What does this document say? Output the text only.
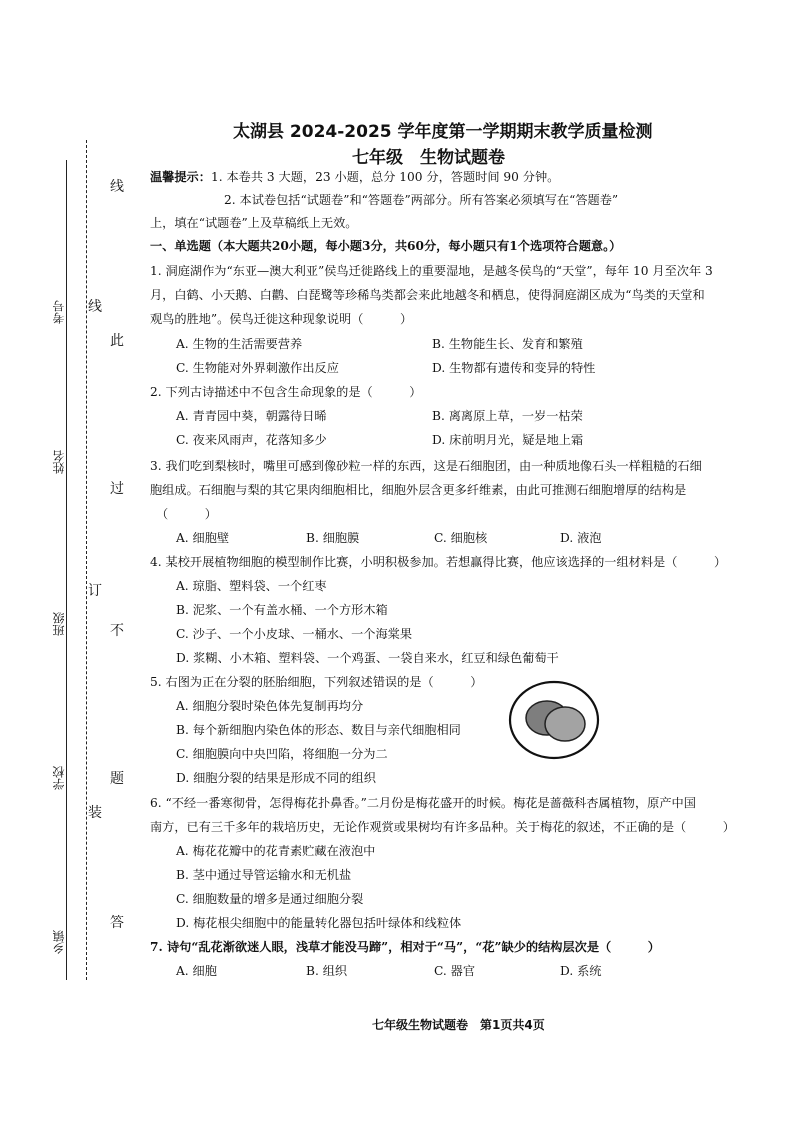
考号
姓名
班级
学校
乡镇
线
订
装
线
此
过
不
题
答
太湖县 2024-2025 学年度第一学期期末教学质量检测
七年级　生物试题卷
温馨提示：1. 本卷共 3 大题，23 小题，总分 100 分，答题时间 90 分钟。
2. 本试卷包括“试题卷”和“答题卷”两部分。所有答案必须填写在“答题卷”
上，填在“试题卷”上及草稿纸上无效。
一、单选题（本大题共20小题，每小题3分，共60分，每小题只有1个选项符合题意。）
1. 洞庭湖作为“东亚—澳大利亚”侯鸟迁徙路线上的重要湿地，是越冬侯鸟的“天堂”，每年 10 月至次年 3
月，白鹤、小天鹅、白鹳、白琵鹭等珍稀鸟类都会来此地越冬和栖息，使得洞庭湖区成为“鸟类的天堂和
观鸟的胜地”。侯鸟迁徙这种现象说明（　　　）
A. 生物的生活需要营养	B. 生物能生长、发育和繁殖
C. 生物能对外界刺激作出反应	D. 生物都有遗传和变异的特性
2. 下列古诗描述中不包含生命现象的是（　　　）
A. 青青园中葵，朝露待日晞	B. 离离原上草，一岁一枯荣
C. 夜来风雨声，花落知多少	D. 床前明月光，疑是地上霜
3. 我们吃到梨核时，嘴里可感到像砂粒一样的东西，这是石细胞团，由一种质地像石头一样粗糙的石细
胞组成。石细胞与梨的其它果肉细胞相比，细胞外层含更多纤维素，由此可推测石细胞增厚的结构是
（　　　）
A. 细胞壁	B. 细胞膜	C. 细胞核	D. 液泡
4. 某校开展植物细胞的模型制作比赛，小明积极参加。若想赢得比赛，他应该选择的一组材料是（　　　）
A. 琼脂、塑料袋、一个红枣
B. 泥浆、一个有盖水桶、一个方形木箱
C. 沙子、一个小皮球、一桶水、一个海棠果
D. 浆糊、小木箱、塑料袋、一个鸡蛋、一袋自来水，红豆和绿色葡萄干
5. 右图为正在分裂的胚胎细胞，下列叙述错误的是（　　　）
A. 细胞分裂时染色体先复制再均分
B. 每个新细胞内染色体的形态、数目与亲代细胞相同
C. 细胞膜向中央凹陷，将细胞一分为二
D. 细胞分裂的结果是形成不同的组织
6. “不经一番寒彻骨，怎得梅花扑鼻香。”二月份是梅花盛开的时候。梅花是蔷薇科杏属植物，原产中国
南方，已有三千多年的栽培历史，无论作观赏或果树均有许多品种。关于梅花的叙述，不正确的是（　　　）
A. 梅花花瓣中的花青素贮藏在液泡中
B. 茎中通过导管运输水和无机盐
C. 细胞数量的增多是通过细胞分裂
D. 梅花根尖细胞中的能量转化器包括叶绿体和线粒体
7. 诗句“乱花渐欲迷人眼，浅草才能没马蹄”，相对于“马”，“花”缺少的结构层次是（　　　）
A. 细胞	B. 组织	C. 器官	D. 系统
七年级生物试题卷　第1页共4页
